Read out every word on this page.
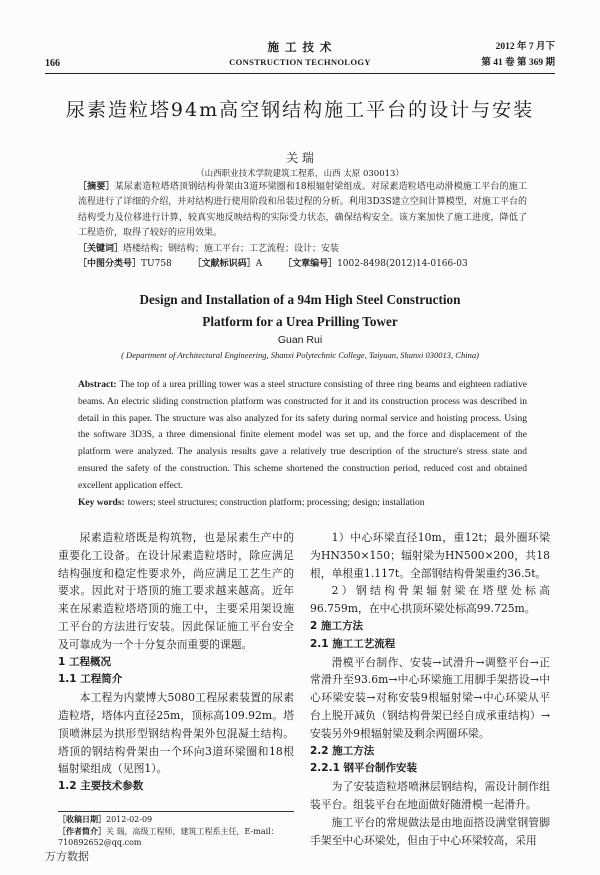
166
施 工 技 术
CONSTRUCTION TECHNOLOGY
2012 年 7 月下
第 41 卷 第 369 期
尿素造粒塔94m高空钢结构施工平台的设计与安装
关 瑞
（山西职业技术学院建筑工程系，山西 太原 030013）

［摘要］某尿素造粒塔塔顶钢结构骨架由3道环梁圈和18根辐射梁组成。对尿素造粒塔电动滑模施工平台的施工流程进行了详细的介绍，并对结构进行使用阶段和吊装过程的分析。利用3D3S建立空间计算模型，对施工平台的结构受力及位移进行计算，较真实地反映结构的实际受力状态，确保结构安全。该方案加快了施工进度，降低了工程造价，取得了较好的应用效果。

［关键词］塔楼结构；钢结构；施工平台；工艺流程；设计；安装

［中图分类号］TU758 ［文献标识码］A ［文章编号］1002-8498(2012)14-0166-03

Design and Installation of a 94m High Steel Construction
Platform for a Urea Prilling Tower
Guan Rui
( Department of Architectural Engineering, Shanxi Polytechnic College, Taiyuan, Shanxi 030013, China)

Abstract: The top of a urea prilling tower was a steel structure consisting of three ring beams and eighteen radiative beams. An electric sliding construction platform was constructed for it and its construction process was described in detail in this paper. The structure was also analyzed for its safety during normal service and hoisting process. Using the software 3D3S, a three dimensional finite element model was set up, and the force and displacement of the platform were analyzed. The analysis results gave a relatively true description of the structure's stress state and ensured the safety of the construction. This scheme shortened the construction period, reduced cost and obtained excellent application effect.

Key words: towers; steel structures; construction platform; processing; design; installation

尿素造粒塔既是构筑物，也是尿素生产中的重要化工设备。在设计尿素造粒塔时，除应满足结构强度和稳定性要求外，尚应满足工艺生产的要求。因此对于塔顶的施工要求越来越高。近年来在尿素造粒塔塔顶的施工中，主要采用架设施工平台的方法进行安装。因此保证施工平台安全及可靠成为一个十分复杂而重要的课题。

1 工程概况

1.1 工程简介

本工程为内蒙博大5080工程尿素装置的尿素造粒塔，塔体内直径25m，顶标高109.92m。塔顶喷淋层为拱形型钢结构骨架外包混凝土结构。塔顶的钢结构骨架由一个环向3道环梁圈和18根辐射梁组成（见图1）。

1.2 主要技术参数

1）中心环梁直径10m，重12t；最外圈环梁为HN350×150；辐射梁为HN500×200，共18根，单根重1.117t。全部钢结构骨架重约36.5t。

2）钢结构骨架辐射梁在塔壁处标高96.759m，在中心拱顶环梁处标高99.725m。

2 施工方法

2.1 施工工艺流程

滑模平台制作、安装→试滑升→调整平台→正常滑升至93.6m→中心环梁施工用脚手架搭设→中心环梁安装→对称安装9根辐射梁→中心环梁从平台上脱开减负（钢结构骨架已经自成承重结构）→安装另外9根辐射梁及剩余两圈环梁。

2.2 施工方法

2.2.1 钢平台制作安装

为了安装造粒塔喷淋层钢结构，需设计制作组装平台。组装平台在地面做好随滑模一起滑升。

施工平台的常规做法是由地面搭设满堂钢管脚手架至中心环梁处，但由于中心环梁较高，采用

［收稿日期］2012-02-09
［作者简介］关 瑞，高级工程师，建筑工程系主任，E-mail：
710892652@qq.com
万方数据
